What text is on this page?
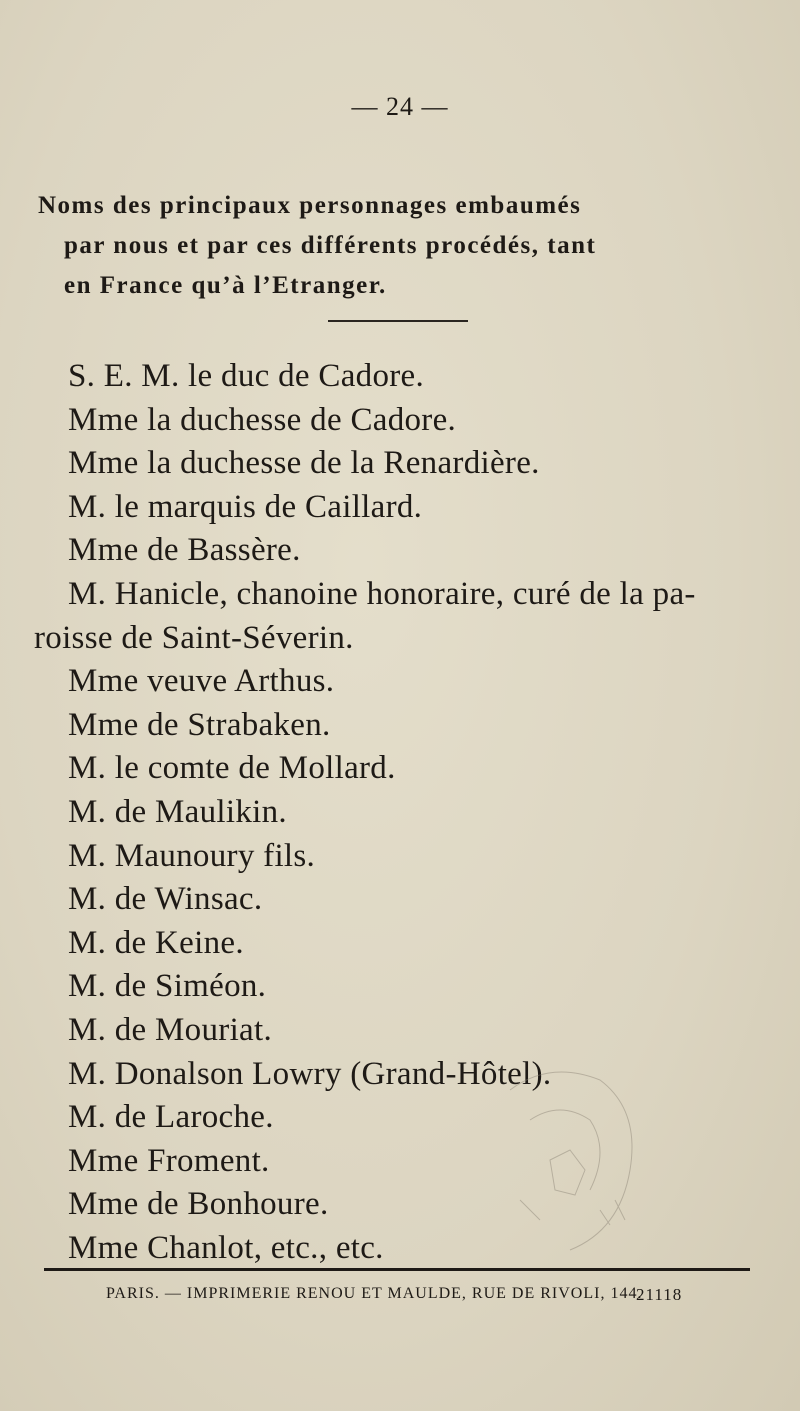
— 24 —
Noms des principaux personnages embaumés
par nous et par ces différents procédés, tant
en France qu’à l’Etranger.
S. E. M. le duc de Cadore.
Mme la duchesse de Cadore.
Mme la duchesse de la Renardière.
M. le marquis de Caillard.
Mme de Bassère.
M. Hanicle, chanoine honoraire, curé de la pa-
roisse de Saint-Séverin.
Mme veuve Arthus.
Mme de Strabaken.
M. le comte de Mollard.
M. de Maulikin.
M. Maunoury fils.
M. de Winsac.
M. de Keine.
M. de Siméon.
M. de Mouriat.
M. Donalson Lowry (Grand-Hôtel).
M. de Laroche.
Mme Froment.
Mme de Bonhoure.
Mme Chanlot, etc., etc.
PARIS. — IMPRIMERIE RENOU ET MAULDE, RUE DE RIVOLI, 144.
21118
